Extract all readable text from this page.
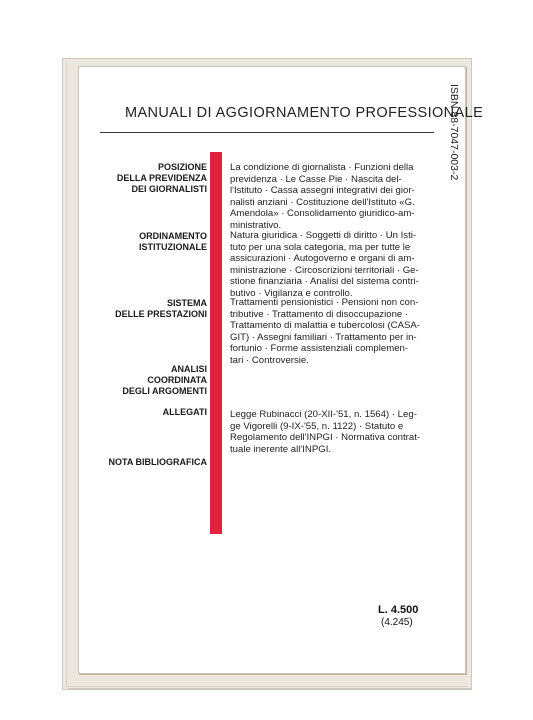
ISBN 88-7047-003-2
MANUALI DI AGGIORNAMENTO PROFESSIONALE
POSIZIONE
DELLA PREVIDENZA
DEI GIORNALISTI
La condizione di giornalista · Funzioni della
previdenza · Le Casse Pie · Nascita del-
l'Istituto · Cassa assegni integrativi dei gior-
nalisti anziani · Costituzione dell'Istituto «G.
Amendola» · Consolidamento giuridico-am-
ministrativo.
ORDINAMENTO
ISTITUZIONALE
Natura giuridica · Soggetti di diritto · Un Isti-
tuto per una sola categoria, ma per tutte le
assicurazioni · Autogoverno e organi di am-
ministrazione · Circoscrizioni territoriali · Ge-
stione finanziaria · Analisi del sistema contri-
butivo · Vigilanza e controllo.
SISTEMA
DELLE PRESTAZIONI
Trattamenti pensionistici · Pensioni non con-
tributive · Trattamento di disoccupazione ·
Trattamento di malattia e tubercolosi (CASA-
GIT) · Assegni familiari · Trattamento per in-
fortunio · Forme assistenziali complemen-
tari · Controversie.
ANALISI
COORDINATA
DEGLI ARGOMENTI
ALLEGATI Legge Rubinacci (20-XII-'51, n. 1564) · Leg-
ge Vigorelli (9-IX-'55, n. 1122) · Statuto e
Regolamento dell'INPGI · Normativa contrat-
tuale inerente all'INPGI.
NOTA BIBLIOGRAFICA
L. 4.500
(4.245)
